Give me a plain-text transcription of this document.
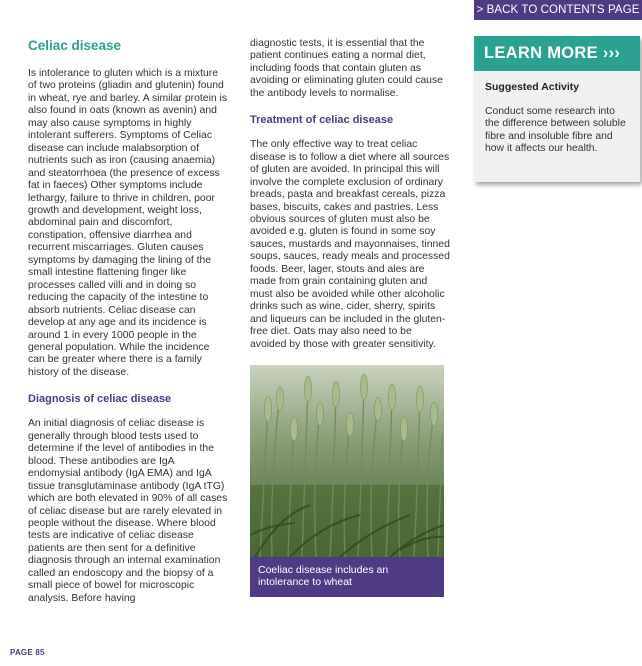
> BACK TO CONTENTS PAGE
Celiac disease

Is intolerance to gluten which is a mixture of two proteins (gliadin and glutenin) found in wheat, rye and barley. A similar protein is also found in oats (known as avenin) and may also cause symptoms in highly intolerant sufferers. Symptoms of Celiac disease can include malabsorption of nutrients such as iron (causing anaemia) and steatorrhoea (the presence of excess fat in faeces) Other symptoms include lethargy, failure to thrive in children, poor growth and development, weight loss, abdominal pain and discomfort, constipation, offensive diarrhea and recurrent miscarriages. Gluten causes symptoms by damaging the lining of the small intestine flattening finger like processes called villi and in doing so reducing the capacity of the intestine to absorb nutrients. Celiac disease can develop at any age and its incidence is around 1 in every 1000 people in the general population. While the incidence can be greater where there is a family history of the disease.

Diagnosis of celiac disease

An initial diagnosis of celiac disease is generally through blood tests used to determine if the level of antibodies in the blood. These antibodies are IgA endomysial antibody (IgA EMA) and IgA tissue transglutaminase antibody (IgA tTG) which are both elevated in 90% of all cases of celiac disease but are rarely elevated in people without the disease. Where blood tests are indicative of celiac disease patients are then sent for a definitive diagnosis through an internal examination called an endoscopy and the biopsy of a small piece of bowel for microscopic analysis. Before having

diagnostic tests, it is essential that the patient continues eating a normal diet, including foods that contain gluten as avoiding or eliminating gluten could cause the antibody levels to normalise.

Treatment of celiac disease

The only effective way to treat celiac disease is to follow a diet where all sources of gluten are avoided. In principal this will involve the complete exclusion of ordinary breads, pasta and breakfast cereals, pizza bases, biscuits, cakes and pastries. Less obvious sources of gluten must also be avoided e.g. gluten is found in some soy sauces, mustards and mayonnaises, tinned soups, sauces, ready meals and processed foods. Beer, lager, stouts and ales are made from grain containing gluten and must also be avoided while other alcoholic drinks such as wine, cider, sherry, spirits and liqueurs can be included in the gluten-free diet. Oats may also need to be avoided by those with greater sensitivity.

Coeliac disease includes an intolerance to wheat
LEARN MORE ›››
Suggested Activity
Conduct some research into the difference between soluble fibre and insoluble fibre and how it affects our health.
PAGE 85
